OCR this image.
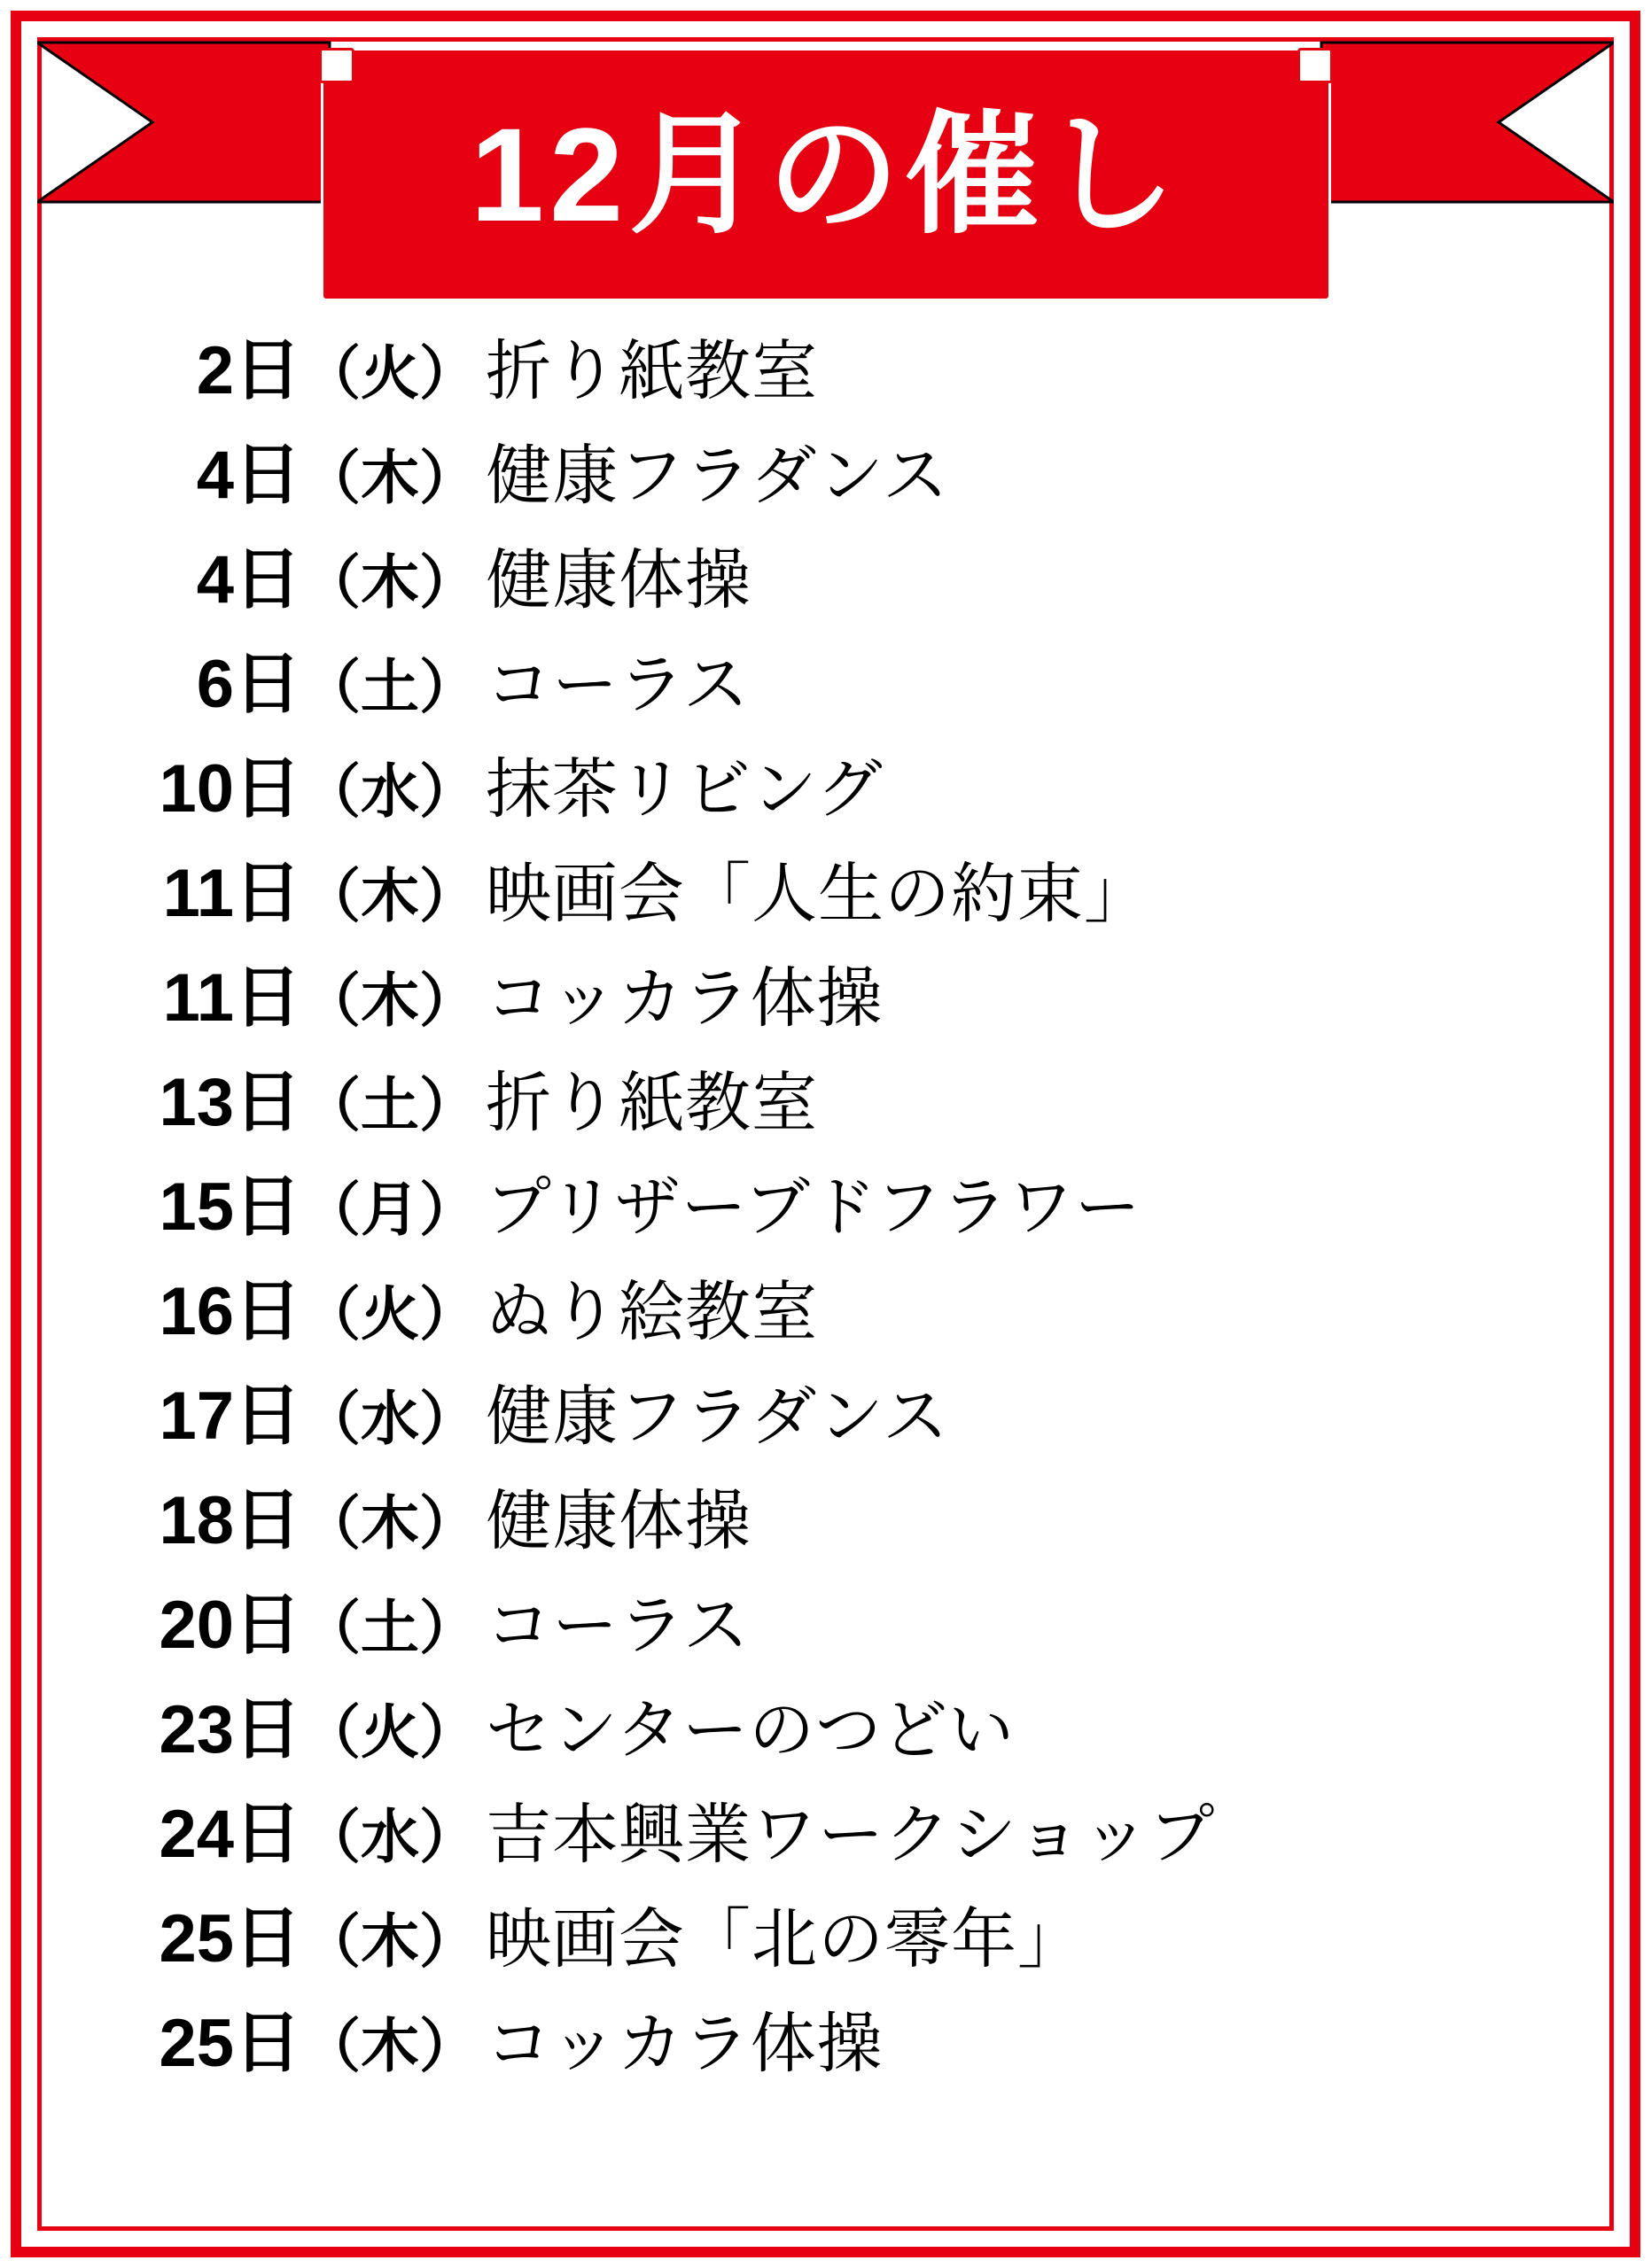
12月の催し
2日 （火） 折り紙教室
4日 （木） 健康フラダンス
4日 （木） 健康体操
6日 （土） コーラス
10日 （水） 抹茶リビング
11日 （木） 映画会「人生の約束」
11日 （木） コッカラ体操
13日 （土） 折り紙教室
15日 （月） プリザーブドフラワー
16日 （火） ぬり絵教室
17日 （水） 健康フラダンス
18日 （木） 健康体操
20日 （土） コーラス
23日 （火） センターのつどい
24日 （水） 吉本興業ワークショップ
25日 （木） 映画会「北の零年」
25日 （木） コッカラ体操
